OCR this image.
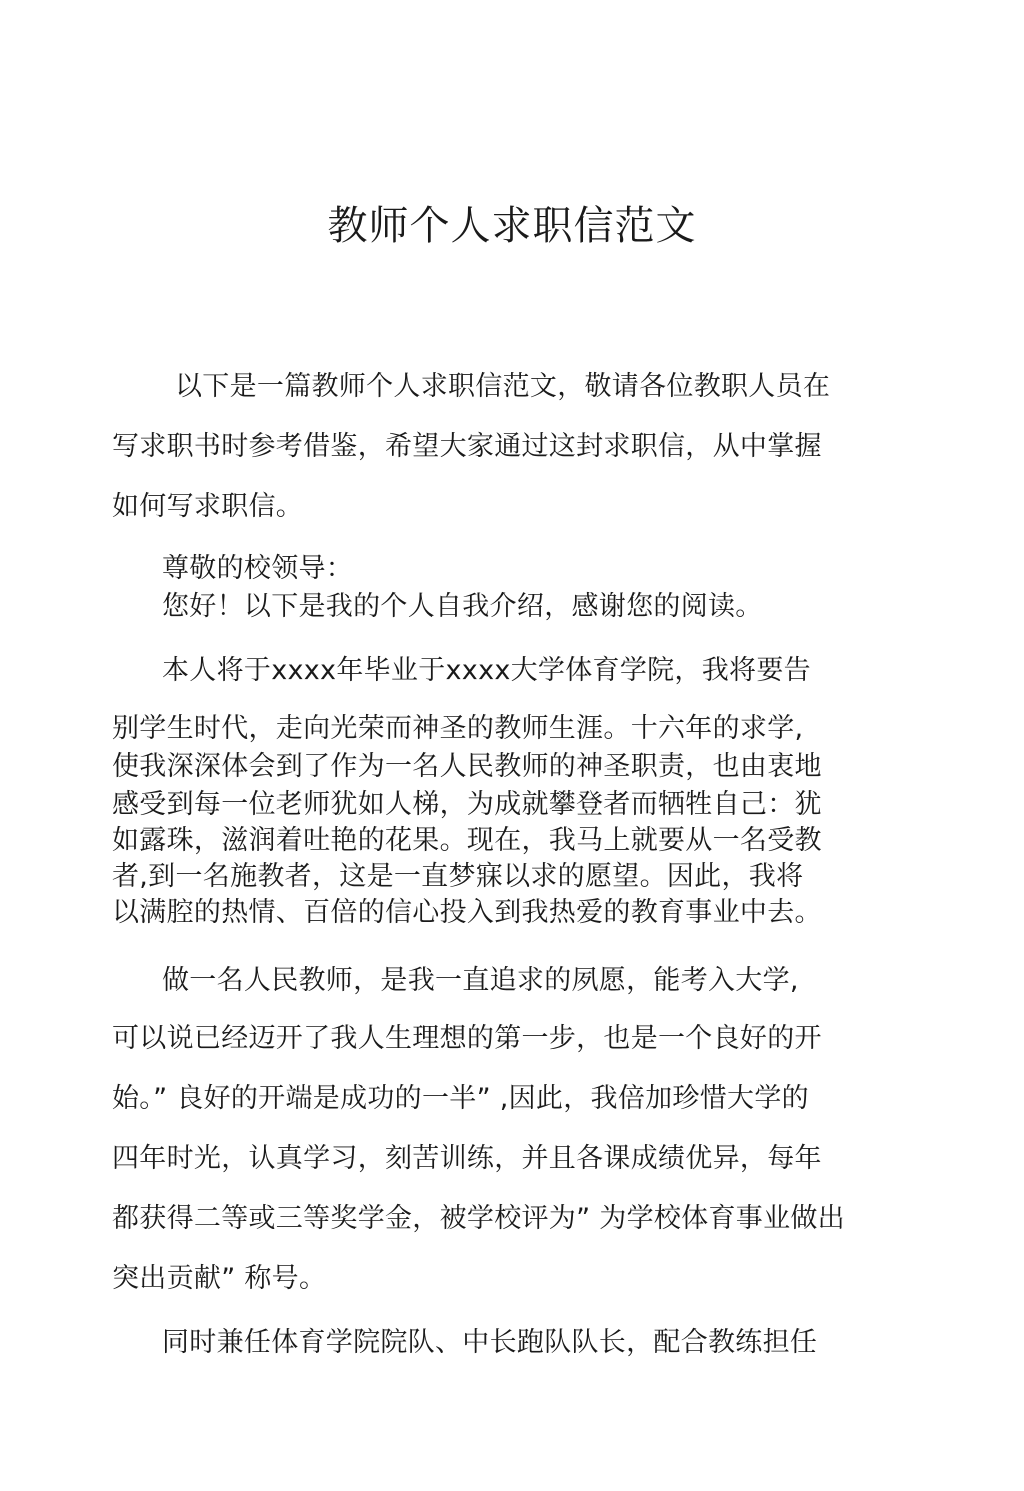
教师个人求职信范文
以下是一篇教师个人求职信范文，敬请各位教职人员在
写求职书时参考借鉴，希望大家通过这封求职信，从中掌握
如何写求职信。
尊敬的校领导：
您好！以下是我的个人自我介绍，感谢您的阅读。
本人将于xxxx年毕业于xxxx大学体育学院，我将要告
别学生时代，走向光荣而神圣的教师生涯。十六年的求学,
使我深深体会到了作为一名人民教师的神圣职责，也由衷地
感受到每一位老师犹如人梯，为成就攀登者而牺牲自己：犹
如露珠，滋润着吐艳的花果。现在，我马上就要从一名受教
者,到一名施教者，这是一直梦寐以求的愿望。因此，我将
以满腔的热情、百倍的信心投入到我热爱的教育事业中去。
做一名人民教师，是我一直追求的夙愿，能考入大学,
可以说已经迈开了我人生理想的第一步，也是一个良好的开
始。” 良好的开端是成功的一半” ,因此，我倍加珍惜大学的
四年时光，认真学习，刻苦训练，并且各课成绩优异，每年
都获得二等或三等奖学金，被学校评为” 为学校体育事业做出
突出贡献” 称号。
同时兼任体育学院院队、中长跑队队长，配合教练担任
